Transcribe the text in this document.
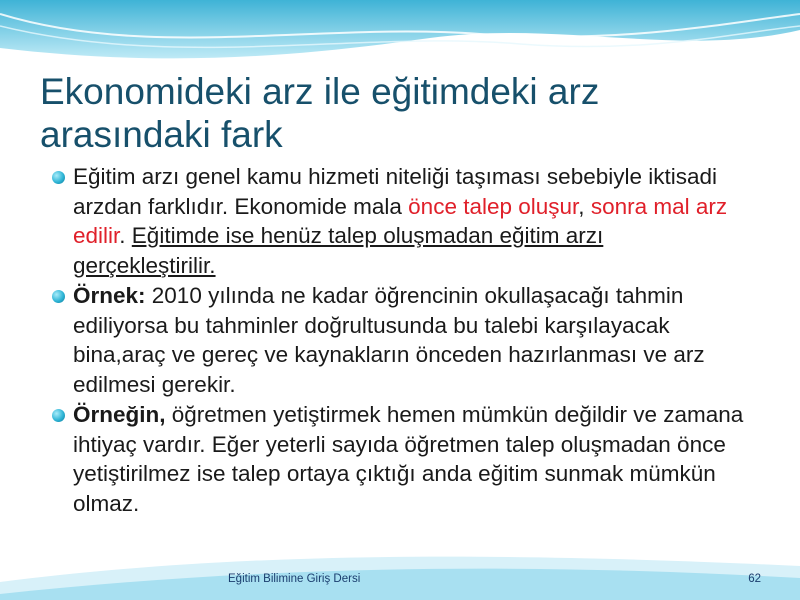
Ekonomideki arz ile eğitimdeki arz
arasındaki fark
Eğitim arzı genel kamu hizmeti niteliği taşıması sebebiyle iktisadi arzdan farklıdır. Ekonomide mala önce talep oluşur, sonra mal arz edilir. Eğitimde ise henüz talep oluşmadan eğitim arzı gerçekleştirilir.
Örnek: 2010 yılında ne kadar öğrencinin okullaşacağı tahmin ediliyorsa bu tahminler doğrultusunda bu talebi karşılayacak bina,araç ve gereç ve kaynakların önceden hazırlanması ve arz edilmesi gerekir.
Örneğin, öğretmen yetiştirmek hemen mümkün değildir ve zamana ihtiyaç vardır. Eğer yeterli sayıda öğretmen talep oluşmadan önce yetiştirilmez ise talep ortaya çıktığı anda eğitim sunmak mümkün olmaz.
Eğitim Bilimine Giriş Dersi	62
